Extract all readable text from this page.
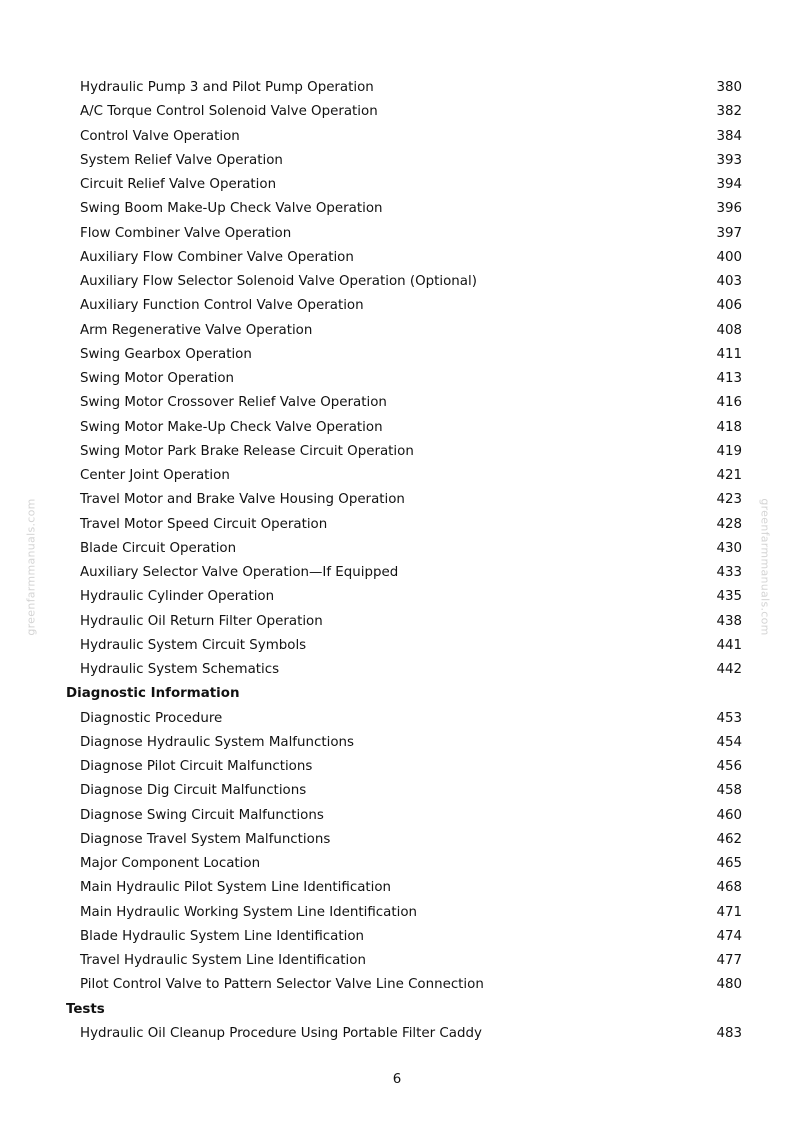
Hydraulic Pump 3 and Pilot Pump Operation	380
A/C Torque Control Solenoid Valve Operation	382
Control Valve Operation	384
System Relief Valve Operation	393
Circuit Relief Valve Operation	394
Swing Boom Make-Up Check Valve Operation	396
Flow Combiner Valve Operation	397
Auxiliary Flow Combiner Valve Operation	400
Auxiliary Flow Selector Solenoid Valve Operation (Optional)	403
Auxiliary Function Control Valve Operation	406
Arm Regenerative Valve Operation	408
Swing Gearbox Operation	411
Swing Motor Operation	413
Swing Motor Crossover Relief Valve Operation	416
Swing Motor Make-Up Check Valve Operation	418
Swing Motor Park Brake Release Circuit Operation	419
Center Joint Operation	421
Travel Motor and Brake Valve Housing Operation	423
Travel Motor Speed Circuit Operation	428
Blade Circuit Operation	430
Auxiliary Selector Valve Operation—If Equipped	433
Hydraulic Cylinder Operation	435
Hydraulic Oil Return Filter Operation	438
Hydraulic System Circuit Symbols	441
Hydraulic System Schematics	442
Diagnostic Information
Diagnostic Procedure	453
Diagnose Hydraulic System Malfunctions	454
Diagnose Pilot Circuit Malfunctions	456
Diagnose Dig Circuit Malfunctions	458
Diagnose Swing Circuit Malfunctions	460
Diagnose Travel System Malfunctions	462
Major Component Location	465
Main Hydraulic Pilot System Line Identification	468
Main Hydraulic Working System Line Identification	471
Blade Hydraulic System Line Identification	474
Travel Hydraulic System Line Identification	477
Pilot Control Valve to Pattern Selector Valve Line Connection	480
Tests
Hydraulic Oil Cleanup Procedure Using Portable Filter Caddy	483
greenfarmmanuals.com	greenfarmmanuals.com
6
